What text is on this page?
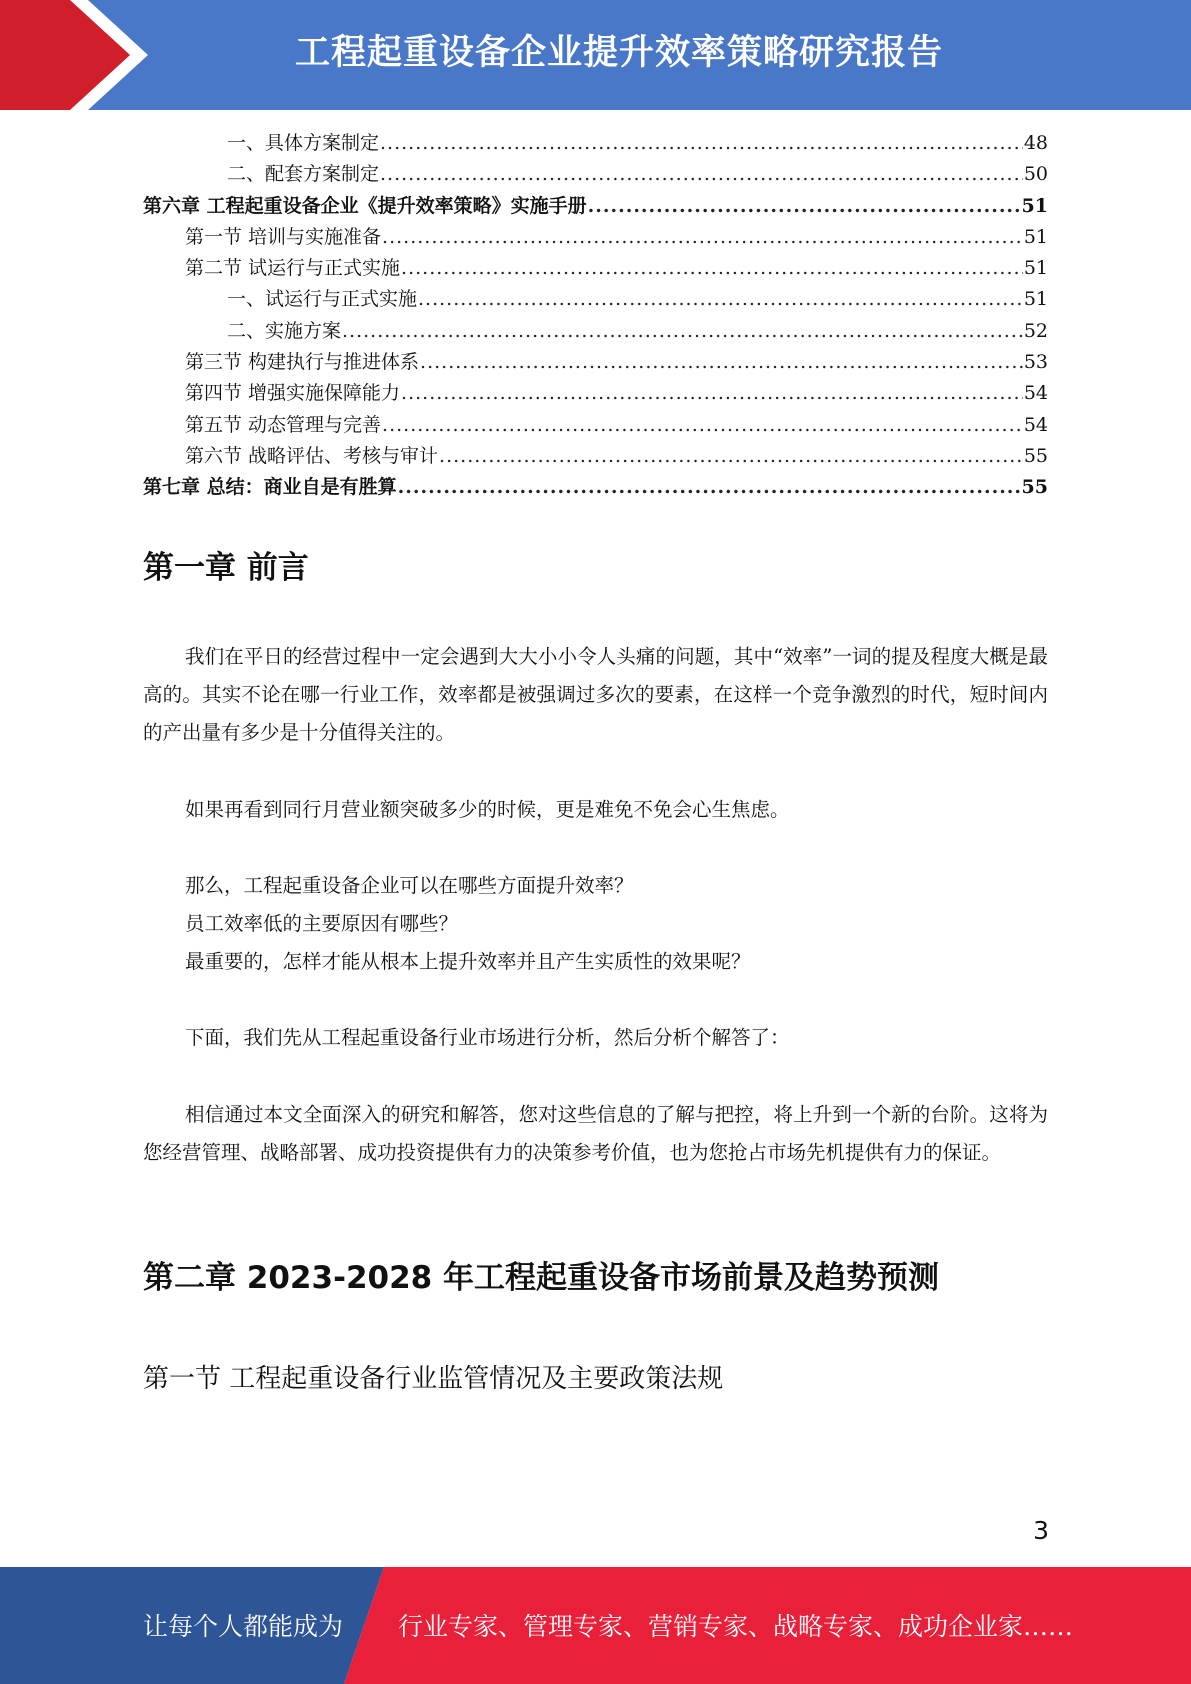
工程起重设备企业提升效率策略研究报告
一、具体方案制定 .....	48
二、配套方案制定 .....	50
第六章 工程起重设备企业《提升效率策略》实施手册 .....	51
第一节 培训与实施准备 .....	51
第二节 试运行与正式实施 .....	51
一、试运行与正式实施 .....	51
二、实施方案 .....	52
第三节 构建执行与推进体系 .....	53
第四节 增强实施保障能力 .....	54
第五节 动态管理与完善 .....	54
第六节 战略评估、考核与审计 .....	55
第七章 总结：商业自是有胜算 .....	55
第一章 前言

我们在平日的经营过程中一定会遇到大大小小令人头痛的问题，其中“效率”一词的提及程度大概是最高的。其实不论在哪一行业工作，效率都是被强调过多次的要素，在这样一个竞争激烈的时代，短时间内的产出量有多少是十分值得关注的。

如果再看到同行月营业额突破多少的时候，更是难免不免会心生焦虑。

那么，工程起重设备企业可以在哪些方面提升效率？

员工效率低的主要原因有哪些？

最重要的，怎样才能从根本上提升效率并且产生实质性的效果呢？

下面，我们先从工程起重设备行业市场进行分析，然后分析个解答了：

相信通过本文全面深入的研究和解答，您对这些信息的了解与把控，将上升到一个新的台阶。这将为您经营管理、战略部署、成功投资提供有力的决策参考价值，也为您抢占市场先机提供有力的保证。

第二章 2023-2028 年工程起重设备市场前景及趋势预测
第一节 工程起重设备行业监管情况及主要政策法规
3
让每个人都能成为 行业专家、管理专家、营销专家、战略专家、成功企业家……
